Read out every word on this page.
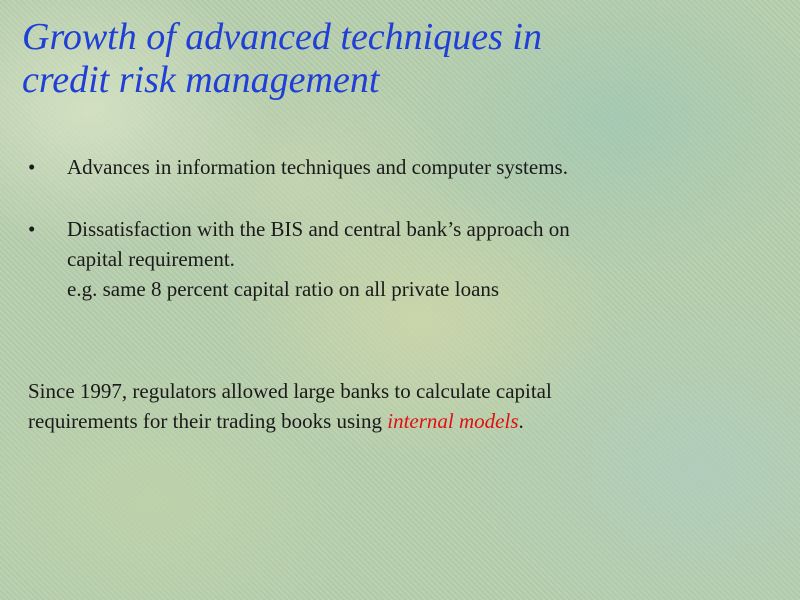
Growth of advanced techniques in
credit risk management
•	Advances in information techniques and computer systems.
•	Dissatisfaction with the BIS and central bank’s approach on
capital requirement.
e.g. same 8 percent capital ratio on all private loans

Since 1997, regulators allowed large banks to calculate capital
requirements for their trading books using internal models.
